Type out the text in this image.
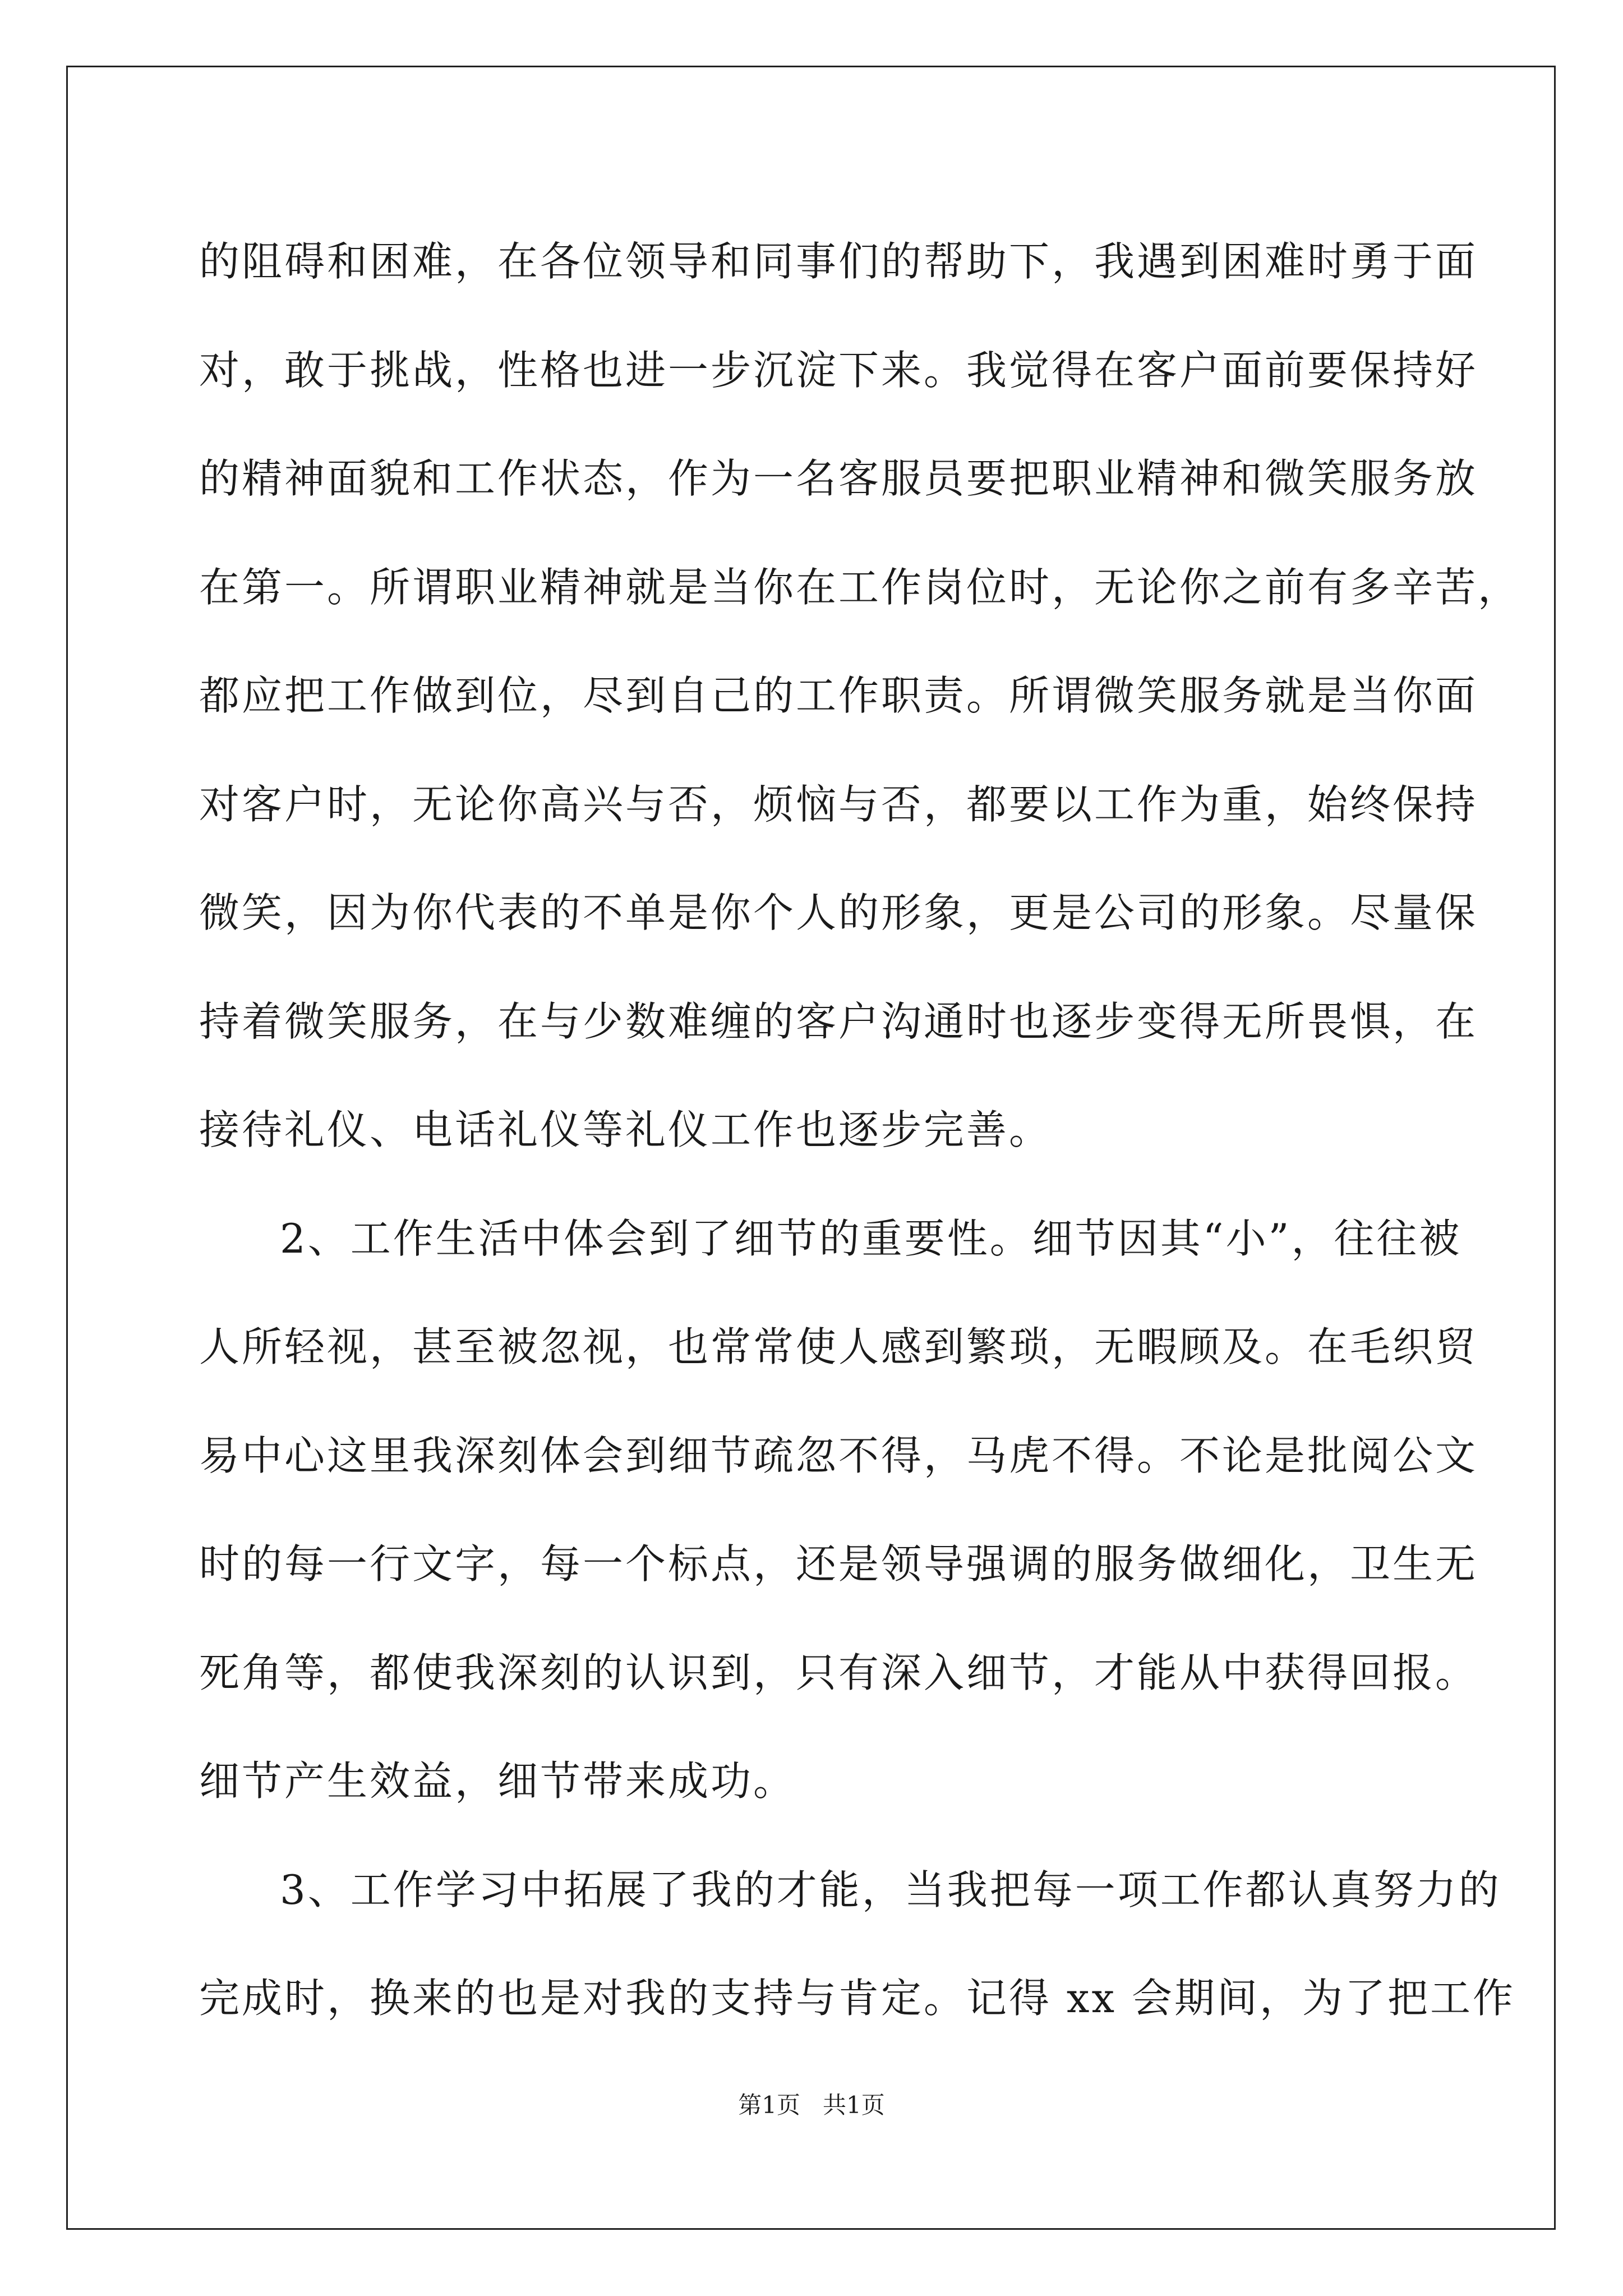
的阻碍和困难，在各位领导和同事们的帮助下，我遇到困难时勇于面

对，敢于挑战，性格也进一步沉淀下来。我觉得在客户面前要保持好

的精神面貌和工作状态，作为一名客服员要把职业精神和微笑服务放

在第一。所谓职业精神就是当你在工作岗位时，无论你之前有多辛苦，

都应把工作做到位，尽到自己的工作职责。所谓微笑服务就是当你面

对客户时，无论你高兴与否，烦恼与否，都要以工作为重，始终保持

微笑，因为你代表的不单是你个人的形象，更是公司的形象。尽量保

持着微笑服务，在与少数难缠的客户沟通时也逐步变得无所畏惧，在

接待礼仪、电话礼仪等礼仪工作也逐步完善。

2、工作生活中体会到了细节的重要性。细节因其“小”，往往被

人所轻视，甚至被忽视，也常常使人感到繁琐，无暇顾及。在毛织贸

易中心这里我深刻体会到细节疏忽不得，马虎不得。不论是批阅公文

时的每一行文字，每一个标点，还是领导强调的服务做细化，卫生无

死角等，都使我深刻的认识到，只有深入细节，才能从中获得回报。

细节产生效益，细节带来成功。

3、工作学习中拓展了我的才能，当我把每一项工作都认真努力的

完成时，换来的也是对我的支持与肯定。记得 xx 会期间，为了把工作

第1页 共1页
